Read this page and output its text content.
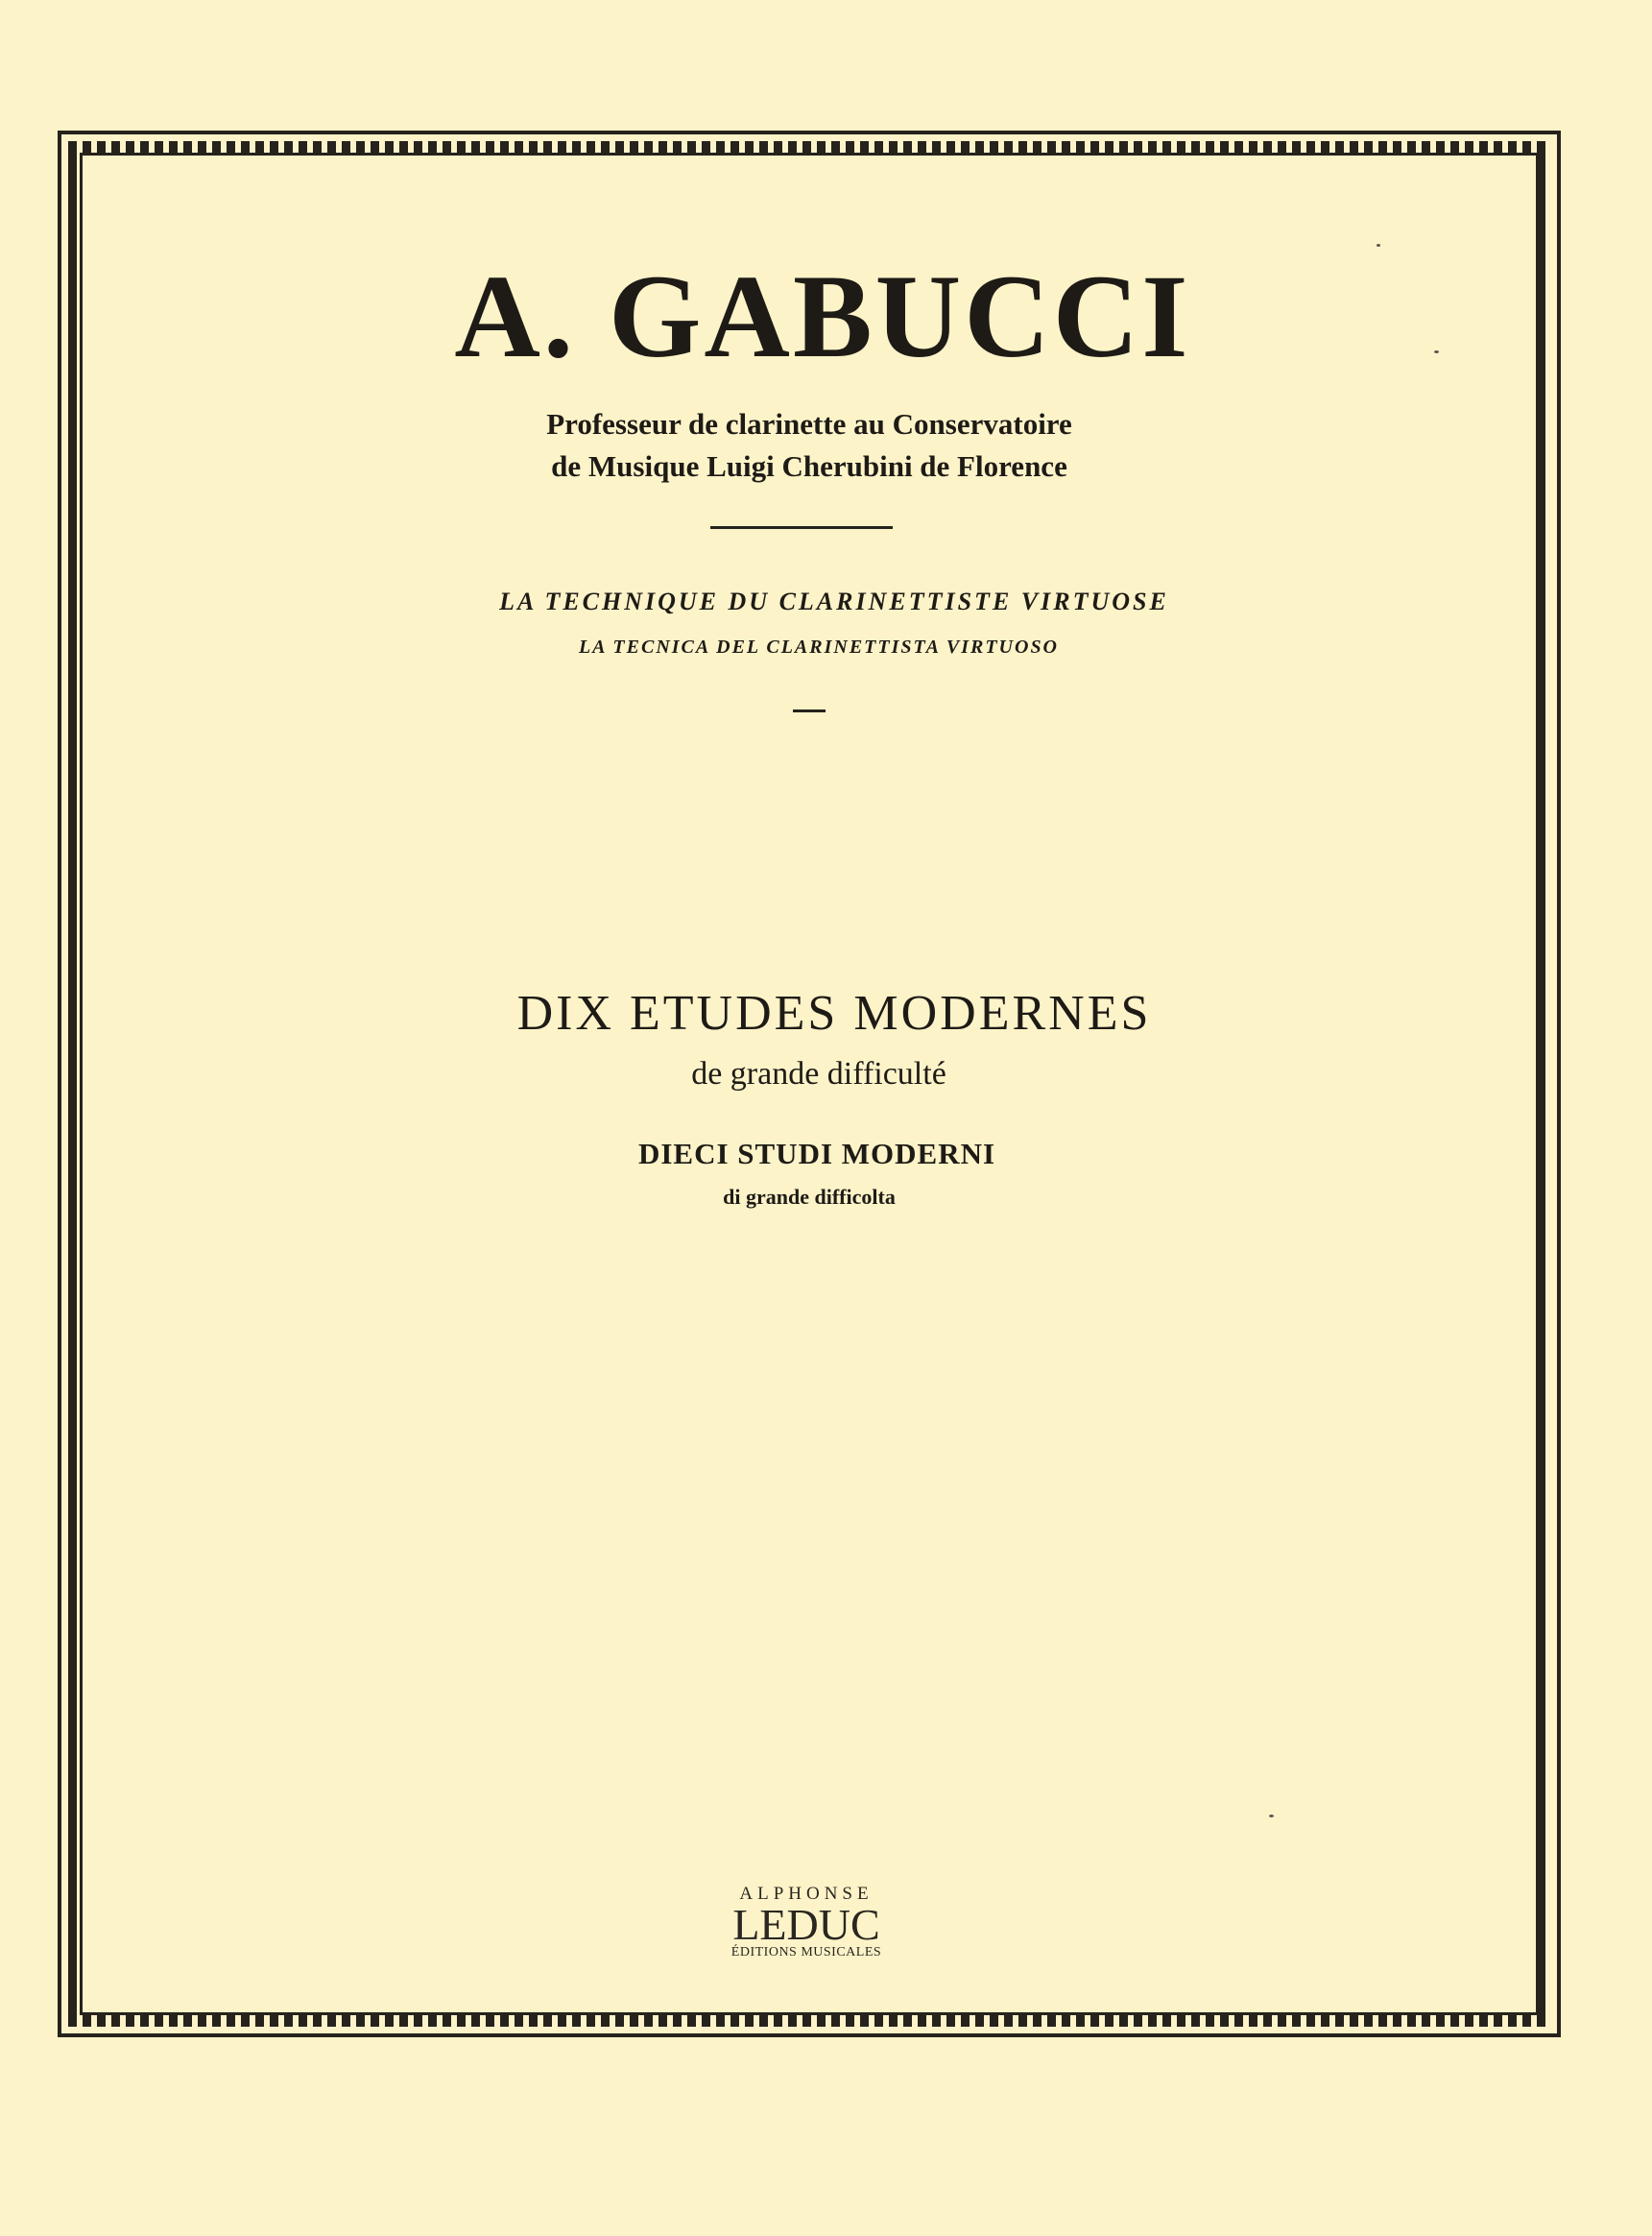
A. GABUCCI
Professeur de clarinette au Conservatoire
de Musique Luigi Cherubini de Florence
LA TECHNIQUE DU CLARINETTISTE VIRTUOSE
LA TECNICA DEL CLARINETTISTA VIRTUOSO
DIX ETUDES MODERNES
de grande difficulté
DIECI STUDI MODERNI
di grande difficolta
ALPHONSE
LEDUC
ÉDITIONS MUSICALES
